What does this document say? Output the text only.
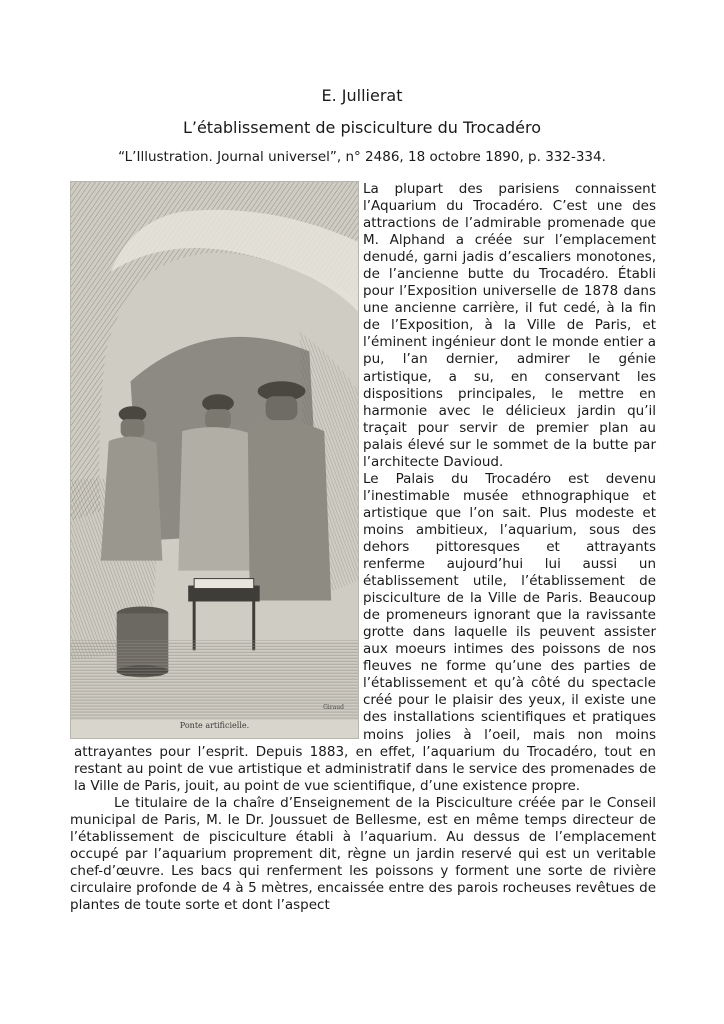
E. Jullierat
L’établissement de pisciculture du Trocadéro
“L’Illustration. Journal universel”, n° 2486, 18 octobre 1890, p. 332-334.
Giraud
Ponte artificielle.
La plupart des parisiens connaissent l’Aquarium du Trocadéro. C’est une des attractions de l’admirable promenade que M. Alphand a créée sur l’emplacement denudé, garni jadis d’escaliers monotones, de l’ancienne butte du Trocadéro. Établi pour l’Exposition universelle de 1878 dans une ancienne carrière, il fut cedé, à la fin de l’Exposition, à la Ville de Paris, et l’éminent ingénieur dont le monde entier a pu, l’an dernier, admirer le génie artistique, a su, en conservant les dispositions principales, le mettre en harmonie avec le délicieux jardin qu’il traçait pour servir de premier plan au palais élevé sur le sommet de la butte par l’architecte Davioud.
Le Palais du Trocadéro est devenu l’inestimable musée ethnographique et artistique que l’on sait. Plus modeste et moins ambitieux, l’aquarium, sous des dehors pittoresques et attrayants renferme aujourd’hui lui aussi un établissement utile, l’établissement de pisciculture de la Ville de Paris. Beaucoup de promeneurs ignorant que la ravissante grotte dans laquelle ils peuvent assister aux moeurs intimes des poissons de nos fleuves ne forme qu’une des parties de l’établissement et qu’à côté du spectacle créé pour le plaisir des yeux, il existe une des installations scientifiques et pratiques moins jolies à l’oeil, mais non moins attrayantes pour l’esprit. Depuis 1883, en effet, l’aquarium du Trocadéro, tout en restant au point de vue artistique et administratif dans le service des promenades de la Ville de Paris, jouit, au point de vue scientifique, d’une existence propre.
Le titulaire de la chaîre d’Enseignement de la Pisciculture créée par le Conseil municipal de Paris, M. le Dr. Joussuet de Bellesme, est en même temps directeur de l’établissement de pisciculture établi à l’aquarium. Au dessus de l’emplacement occupé par l’aquarium proprement dit, règne un jardin reservé qui est un veritable chef-d’œuvre. Les bacs qui renferment les poissons y forment une sorte de rivière circulaire profonde de 4 à 5 mètres, encaissée entre des parois rocheuses revêtues de plantes de toute sorte et dont l’aspect
